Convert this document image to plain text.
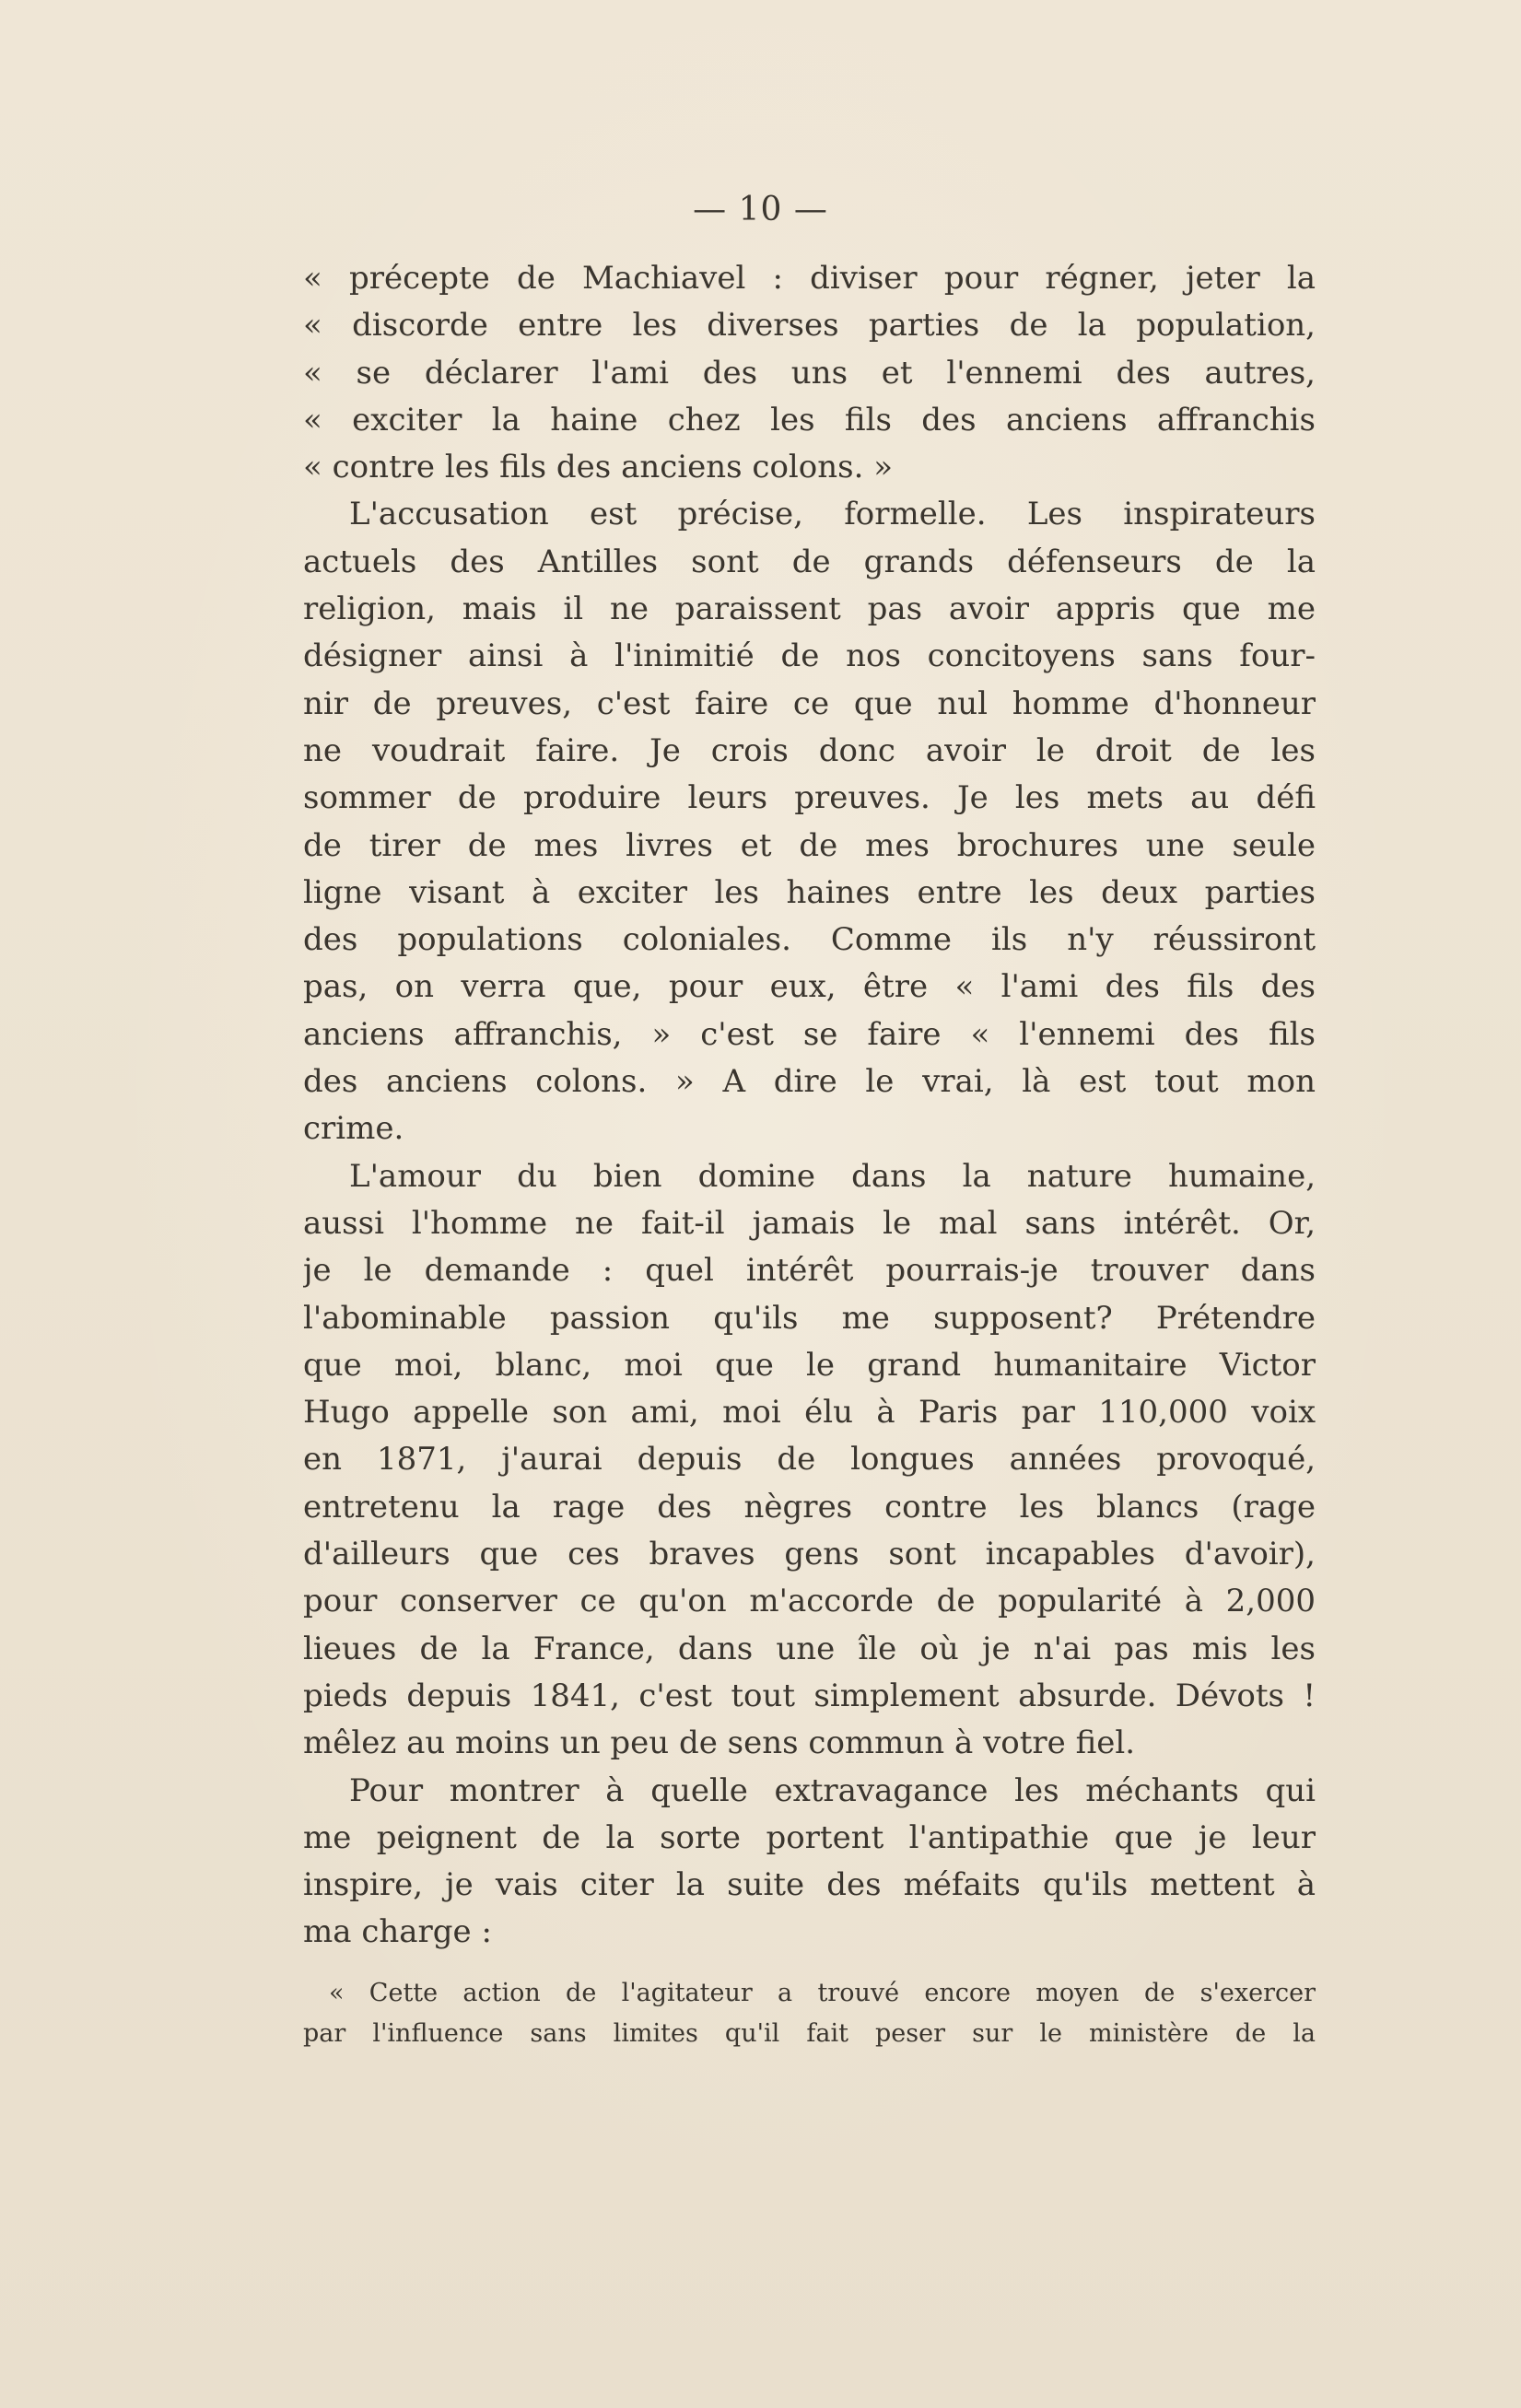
— 10 —
« précepte de Machiavel : diviser pour régner, jeter la
« discorde entre les diverses parties de la population,
« se déclarer l'ami des uns et l'ennemi des autres,
« exciter la haine chez les fils des anciens affranchis
« contre les fils des anciens colons. »
L'accusation est précise, formelle. Les inspirateurs
actuels des Antilles sont de grands défenseurs de la
religion, mais il ne paraissent pas avoir appris que me
désigner ainsi à l'inimitié de nos concitoyens sans four-
nir de preuves, c'est faire ce que nul homme d'honneur
ne voudrait faire. Je crois donc avoir le droit de les
sommer de produire leurs preuves. Je les mets au défi
de tirer de mes livres et de mes brochures une seule
ligne visant à exciter les haines entre les deux parties
des populations coloniales. Comme ils n'y réussiront
pas, on verra que, pour eux, être « l'ami des fils des
anciens affranchis, » c'est se faire « l'ennemi des fils
des anciens colons. » A dire le vrai, là est tout mon
crime.
L'amour du bien domine dans la nature humaine,
aussi l'homme ne fait-il jamais le mal sans intérêt. Or,
je le demande : quel intérêt pourrais-je trouver dans
l'abominable passion qu'ils me supposent? Prétendre
que moi, blanc, moi que le grand humanitaire Victor
Hugo appelle son ami, moi élu à Paris par 110,000 voix
en 1871, j'aurai depuis de longues années provoqué,
entretenu la rage des nègres contre les blancs (rage
d'ailleurs que ces braves gens sont incapables d'avoir),
pour conserver ce qu'on m'accorde de popularité à 2,000
lieues de la France, dans une île où je n'ai pas mis les
pieds depuis 1841, c'est tout simplement absurde. Dévots !
mêlez au moins un peu de sens commun à votre fiel.
Pour montrer à quelle extravagance les méchants qui
me peignent de la sorte portent l'antipathie que je leur
inspire, je vais citer la suite des méfaits qu'ils mettent à
ma charge :
« Cette action de l'agitateur a trouvé encore moyen de s'exercer
par l'influence sans limites qu'il fait peser sur le ministère de la
